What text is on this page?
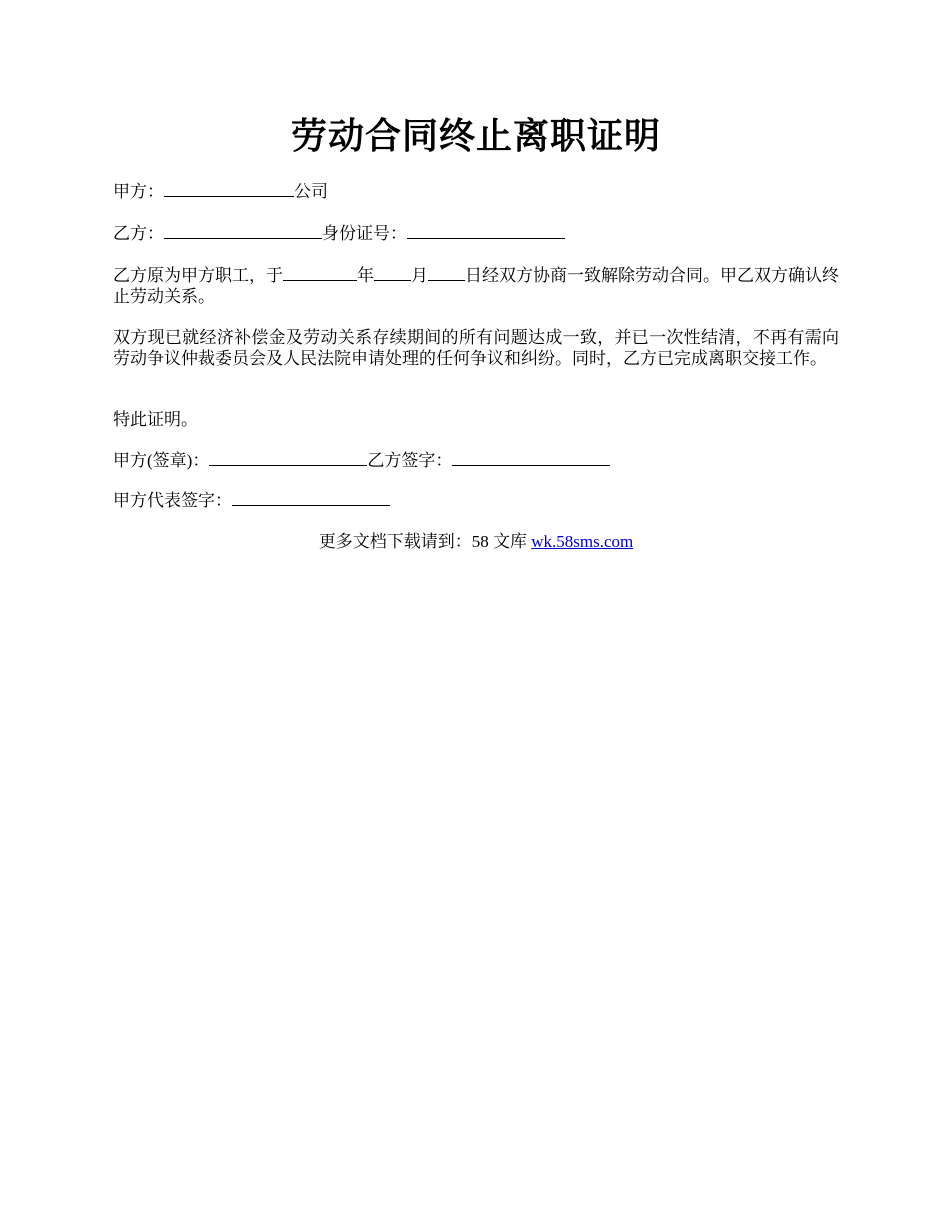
劳动合同终止离职证明

甲方：	公司

乙方：	身份证号：

乙方原为甲方职工，于	年 月 日经双方协商一致解除劳动合同。甲乙双方确认终止劳动关系。

双方现已就经济补偿金及劳动关系存续期间的所有问题达成一致，并已一次性结清，不再有需向劳动争议仲裁委员会及人民法院申请处理的任何争议和纠纷。同时，乙方已完成离职交接工作。

特此证明。

甲方(签章)：	乙方签字：

甲方代表签字：

更多文档下载请到：58 文库 wk.58sms.com
